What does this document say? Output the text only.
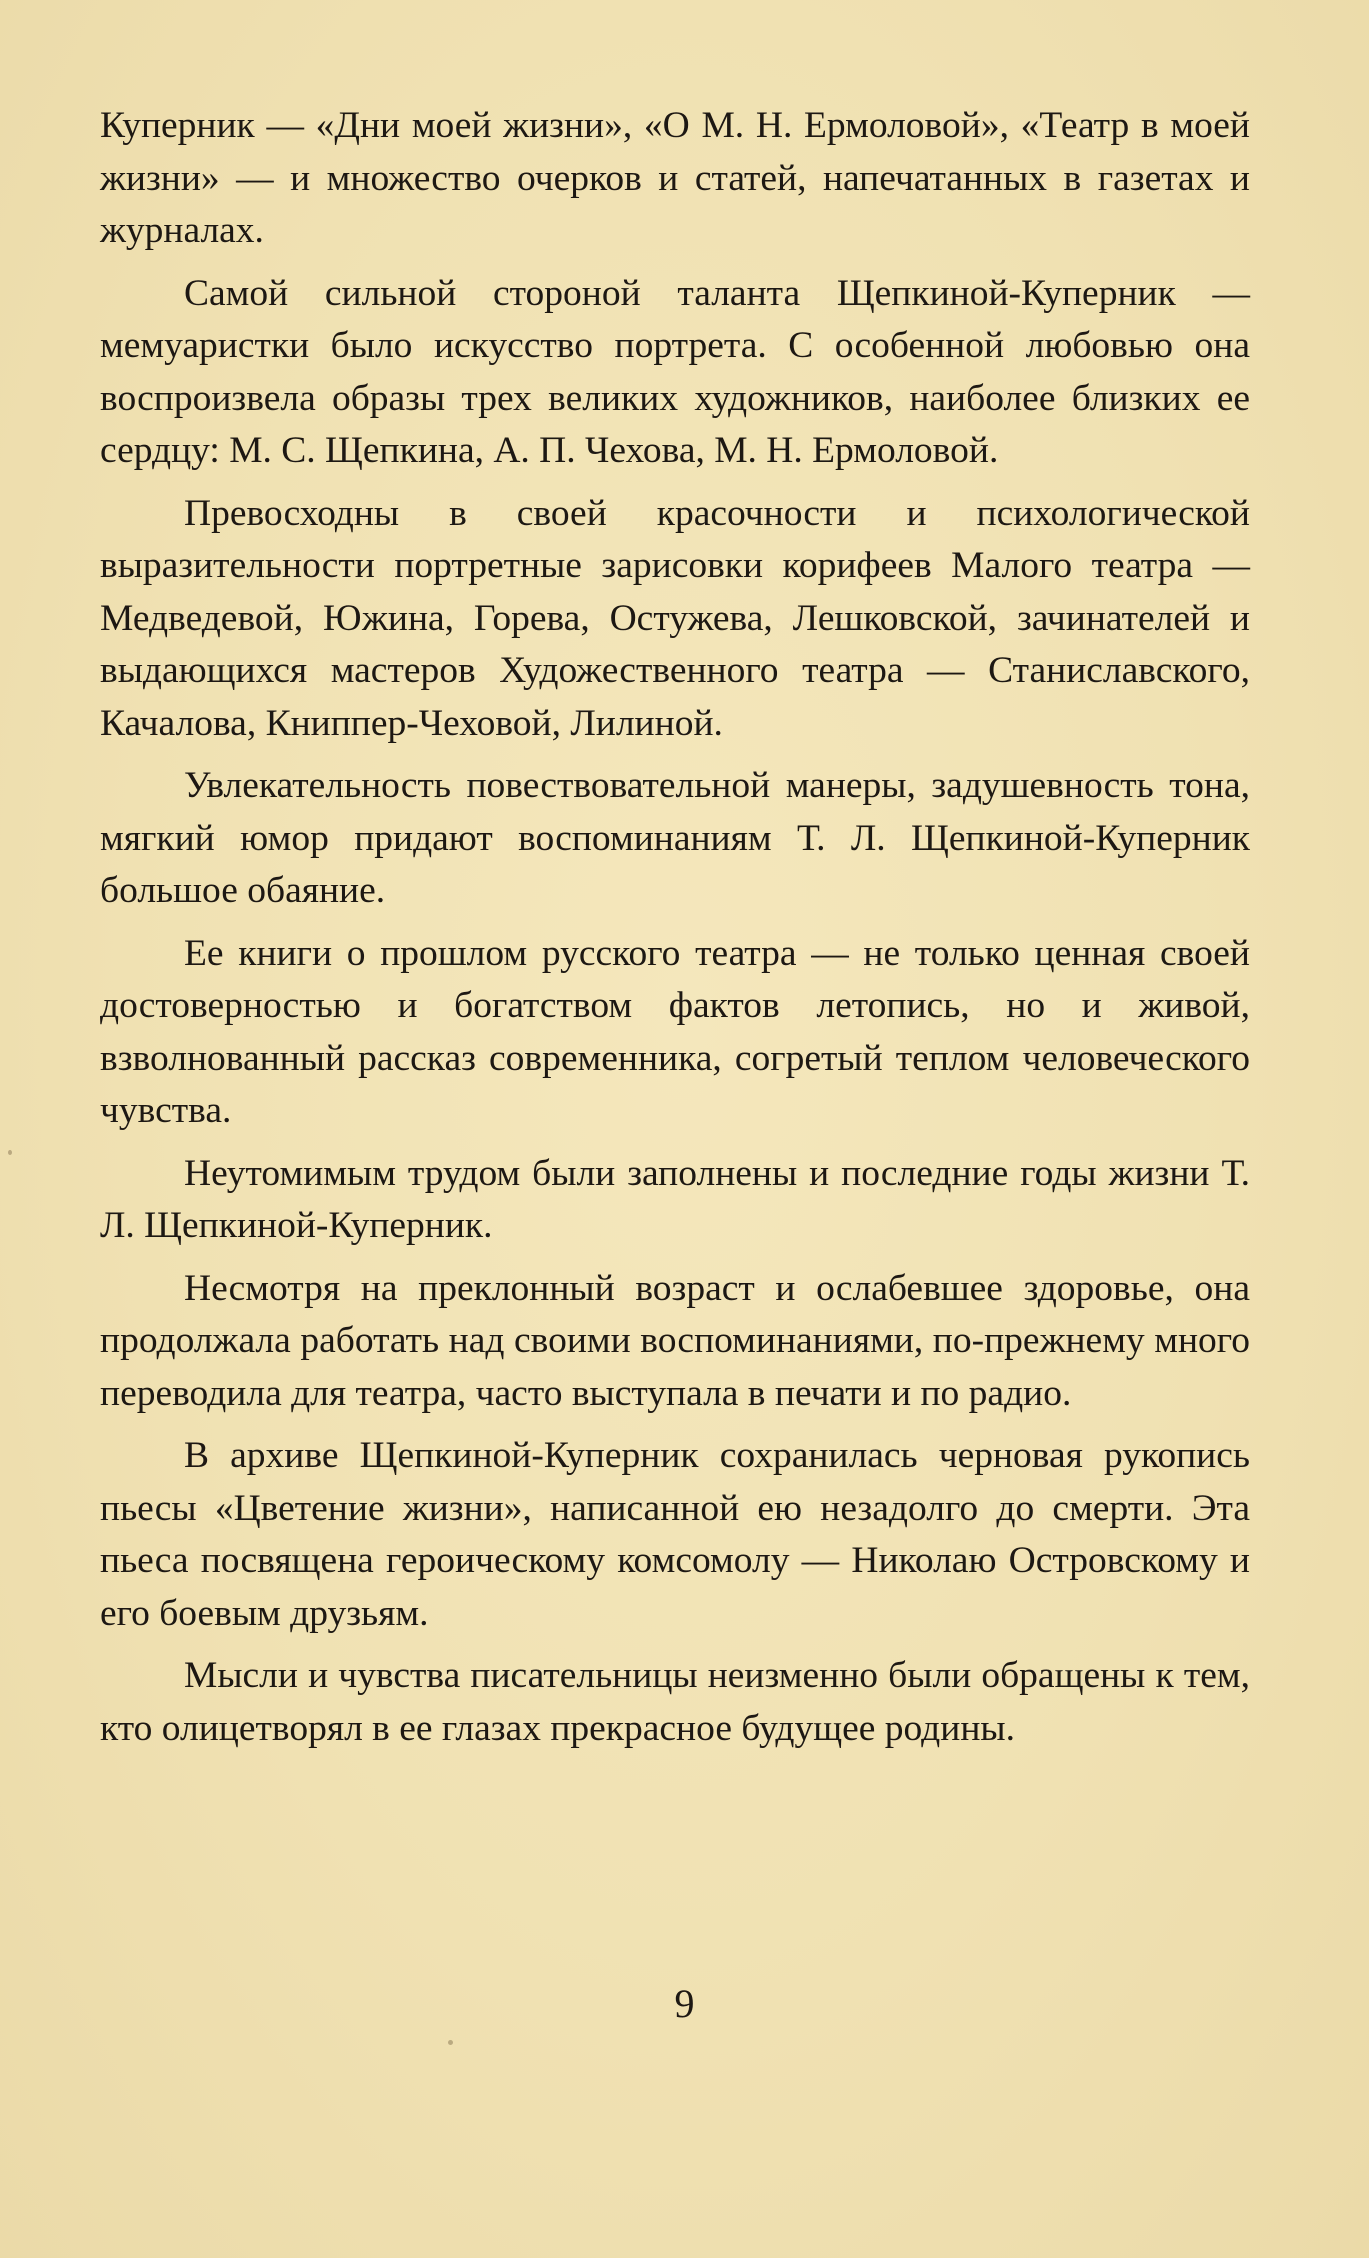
Куперник — «Дни моей жизни», «О М. Н. Ермоловой», «Театр в моей жизни» — и множество очерков и статей, напечатанных в газетах и журналах.

Самой сильной стороной таланта Щепкиной-Куперник — мемуаристки было искусство портрета. С особенной любовью она воспроизвела образы трех великих художников, наиболее близких ее сердцу: М. С. Щепкина, А. П. Чехова, М. Н. Ермоловой.

Превосходны в своей красочности и психологической выразительности портретные зарисовки корифеев Малого театра — Медведевой, Южина, Горева, Остужева, Лешковской, зачинателей и выдающихся мастеров Художественного театра — Станиславского, Качалова, Книппер-Чеховой, Лилиной.

Увлекательность повествовательной манеры, задушевность тона, мягкий юмор придают воспоминаниям Т. Л. Щепкиной-Куперник большое обаяние.

Ее книги о прошлом русского театра — не только ценная своей достоверностью и богатством фактов летопись, но и живой, взволнованный рассказ современника, согретый теплом человеческого чувства.

Неутомимым трудом были заполнены и последние годы жизни Т. Л. Щепкиной-Куперник.

Несмотря на преклонный возраст и ослабевшее здоровье, она продолжала работать над своими воспоминаниями, по-прежнему много переводила для театра, часто выступала в печати и по радио.

В архиве Щепкиной-Куперник сохранилась черновая рукопись пьесы «Цветение жизни», написанной ею незадолго до смерти. Эта пьеса посвящена героическому комсомолу — Николаю Островскому и его боевым друзьям.

Мысли и чувства писательницы неизменно были обращены к тем, кто олицетворял в ее глазах прекрасное будущее родины.

9
